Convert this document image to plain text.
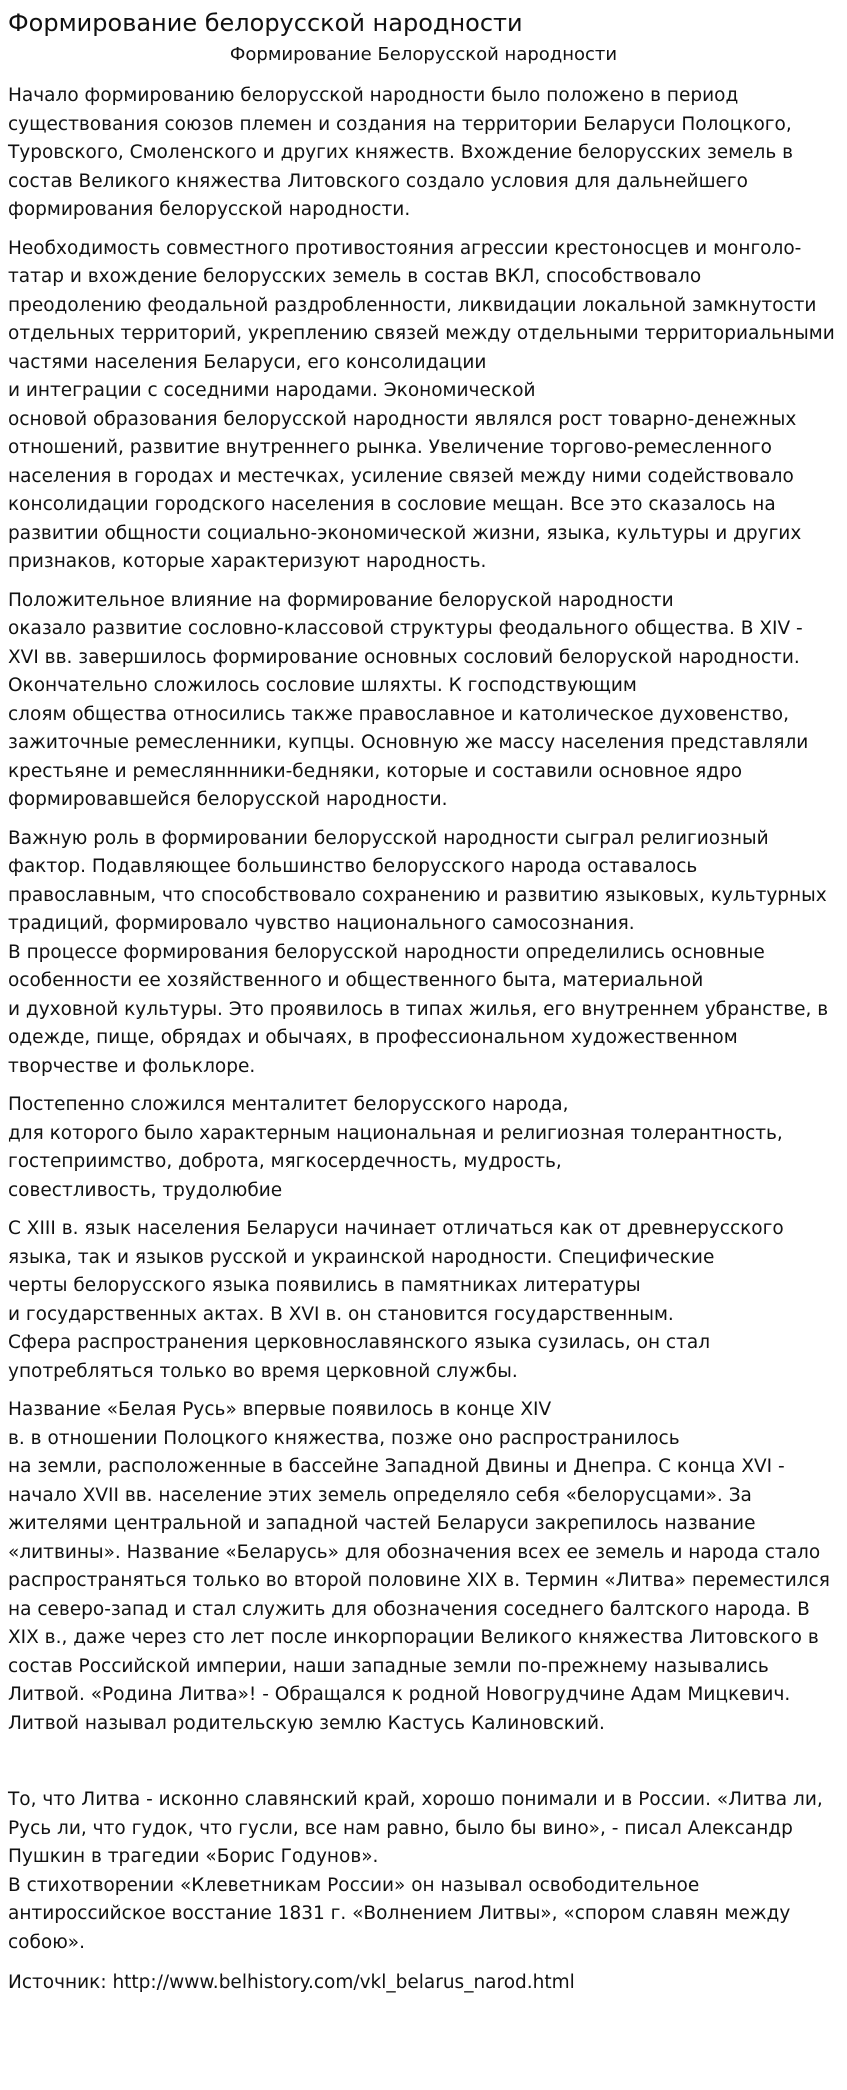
Формирование белорусской народности
Формирование Белорусской народности

Начало формированию белорусской народности было положено в период существования союзов племен и создания на территории Беларуси Полоцкого, Туровского, Смоленского и других княжеств. Вхождение белорусских земель в состав Великого княжества Литовского создало условия для дальнейшего формирования белорусской народности.

Необходимость совместного противостояния агрессии крестоносцев и монголо-татар и вхождение белорусских земель в состав ВКЛ, способствовало преодолению феодальной раздробленности, ликвидации локальной замкнутости отдельных территорий, укреплению связей между отдельными территориальными частями населения Беларуси, его консолидации
и интеграции с соседними народами. Экономической
основой образования белорусской народности являлся рост товарно-денежных отношений, развитие внутреннего рынка. Увеличение торгово-ремесленного населения в городах и местечках, усиление связей между ними содействовало консолидации городского населения в сословие мещан. Все это сказалось на развитии общности социально-экономической жизни, языка, культуры и других признаков, которые характеризуют народность.

Положительное влияние на формирование белоруской народности
оказало развитие сословно-классовой структуры феодального общества. В XIV - XVI вв. завершилось формирование основных сословий белоруской народности. Окончательно сложилось сословие шляхты. К господствующим
слоям общества относились также православное и католическое духовенство, зажиточные ремесленники, купцы. Основную же массу населения представляли крестьяне и ремесляннники-бедняки, которые и составили основное ядро формировавшейся белорусской народности.

Важную роль в формировании белорусской народности сыграл религиозный фактор. Подавляющее большинство белорусского народа оставалось православным, что способствовало сохранению и развитию языковых, культурных традиций, формировало чувство национального самосознания.
В процессе формирования белорусской народности определились основные особенности ее хозяйственного и общественного быта, материальной
и духовной культуры. Это проявилось в типах жилья, его внутреннем убранстве, в одежде, пище, обрядах и обычаях, в профессиональном художественном творчестве и фольклоре.

Постепенно сложился менталитет белорусского народа,
для которого было характерным национальная и религиозная толерантность,
гостеприимство, доброта, мягкосердечность, мудрость,
совестливость, трудолюбие

С XIII в. язык населения Беларуси начинает отличаться как от древнерусского языка, так и языков русской и украинской народности. Специфические
черты белорусского языка появились в памятниках литературы
и государственных актах. В XVI в. он становится государственным.
Сфера распространения церковнославянского языка сузилась, он стал употребляться только во время церковной службы.

Название «Белая Русь» впервые появилось в конце XIV
в. в отношении Полоцкого княжества, позже оно распространилось
на земли, расположенные в бассейне Западной Двины и Днепра. С конца XVI - начало XVII вв. население этих земель определяло себя «белорусцами». За жителями центральной и западной частей Беларуси закрепилось название «литвины». Название «Беларусь» для обозначения всех ее земель и народа стало распространяться только во второй половине XIX в. Термин «Литва» переместился на северо-запад и стал служить для обозначения соседнего балтского народа. В XIX в., даже через сто лет после инкорпорации Великого княжества Литовского в состав Российской империи, наши западные земли по-прежнему назывались Литвой. «Родина Литва»! - Обращался к родной Новогрудчине Адам Мицкевич. Литвой называл родительскую землю Кастусь Калиновский.

То, что Литва - исконно славянский край, хорошо понимали и в России. «Литва ли, Русь ли, что гудок, что гусли, все нам равно, было бы вино», - писал Александр Пушкин в трагедии «Борис Годунов».
В стихотворении «Клеветникам России» он называл освободительное антироссийское восстание 1831 г. «Волнением Литвы», «спором славян между собою».

Источник: http://www.belhistory.com/vkl_belarus_narod.html
